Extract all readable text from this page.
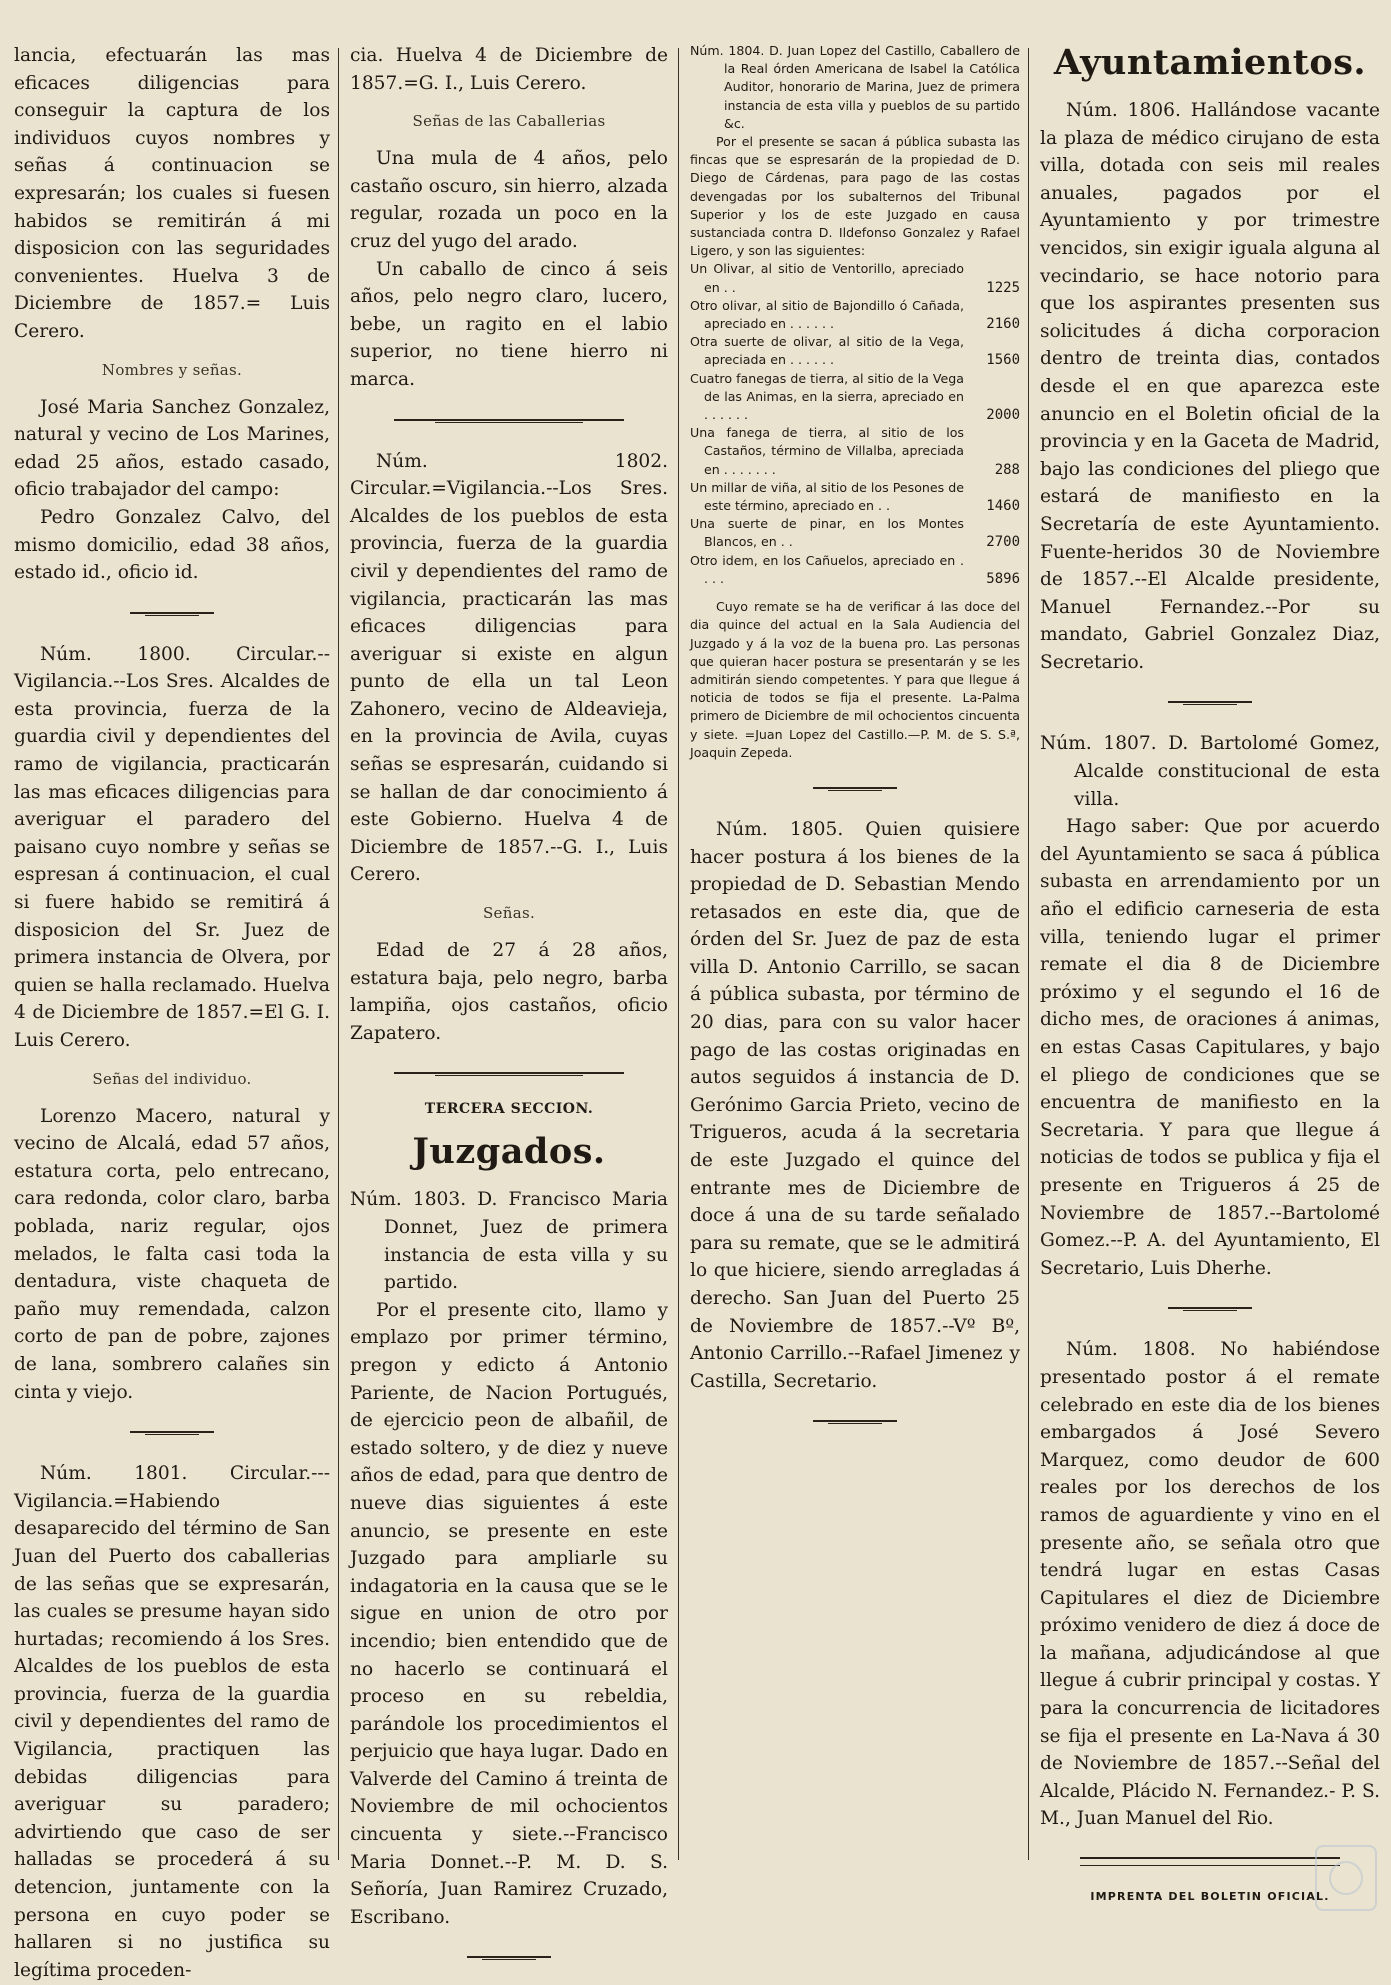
lancia, efectuarán las mas eficaces diligencias para conseguir la captura de los individuos cuyos nombres y señas á continuacion se expresarán; los cuales si fuesen habidos se remitirán á mi disposicion con las seguridades convenientes. Huelva 3 de Diciembre de 1857.= Luis Cerero.

Nombres y señas.

José Maria Sanchez Gonzalez, natural y vecino de Los Marines, edad 25 años, estado casado, oficio trabajador del campo:

Pedro Gonzalez Calvo, del mismo domicilio, edad 38 años, estado id., oficio id.

Núm. 1800. Circular.--Vigilancia.--Los Sres. Alcaldes de esta provincia, fuerza de la guardia civil y dependientes del ramo de vigilancia, practicarán las mas eficaces diligencias para averiguar el paradero del paisano cuyo nombre y señas se espresan á continuacion, el cual si fuere habido se remitirá á disposicion del Sr. Juez de primera instancia de Olvera, por quien se halla reclamado. Huelva 4 de Diciembre de 1857.=El G. I. Luis Cerero.

Señas del individuo.

Lorenzo Macero, natural y vecino de Alcalá, edad 57 años, estatura corta, pelo entrecano, cara redonda, color claro, barba poblada, nariz regular, ojos melados, le falta casi toda la dentadura, viste chaqueta de paño muy remendada, calzon corto de pan de pobre, zajones de lana, sombrero calañes sin cinta y viejo.

Núm. 1801. Circular.---Vigilancia.=Habiendo desaparecido del término de San Juan del Puerto dos caballerias de las señas que se expresarán, las cuales se presume hayan sido hurtadas; recomiendo á los Sres. Alcaldes de los pueblos de esta provincia, fuerza de la guardia civil y dependientes del ramo de Vigilancia, practiquen las debidas diligencias para averiguar su paradero; advirtiendo que caso de ser halladas se procederá á su detencion, juntamente con la persona en cuyo poder se hallaren si no justifica su legítima proceden-

cia. Huelva 4 de Diciembre de 1857.=G. I., Luis Cerero.

Señas de las Caballerias

Una mula de 4 años, pelo castaño oscuro, sin hierro, alzada regular, rozada un poco en la cruz del yugo del arado.

Un caballo de cinco á seis años, pelo negro claro, lucero, bebe, un ragito en el labio superior, no tiene hierro ni marca.

Núm. 1802. Circular.=Vigilancia.--Los Sres. Alcaldes de los pueblos de esta provincia, fuerza de la guardia civil y dependientes del ramo de vigilancia, practicarán las mas eficaces diligencias para averiguar si existe en algun punto de ella un tal Leon Zahonero, vecino de Aldeavieja, en la provincia de Avila, cuyas señas se espresarán, cuidando si se hallan de dar conocimiento á este Gobierno. Huelva 4 de Diciembre de 1857.--G. I., Luis Cerero.

Señas.

Edad de 27 á 28 años, estatura baja, pelo negro, barba lampiña, ojos castaños, oficio Zapatero.

TERCERA SECCION.

Juzgados.

Núm. 1803. D. Francisco Maria Donnet, Juez de primera instancia de esta villa y su partido.

Por el presente cito, llamo y emplazo por primer término, pregon y edicto á Antonio Pariente, de Nacion Portugués, de ejercicio peon de albañil, de estado soltero, y de diez y nueve años de edad, para que dentro de nueve dias siguientes á este anuncio, se presente en este Juzgado para ampliarle su indagatoria en la causa que se le sigue en union de otro por incendio; bien entendido que de no hacerlo se continuará el proceso en su rebeldia, parándole los procedimientos el perjuicio que haya lugar. Dado en Valverde del Camino á treinta de Noviembre de mil ochocientos cincuenta y siete.--Francisco Maria Donnet.--P. M. D. S. Señoría, Juan Ramirez Cruzado, Escribano.

Núm. 1804. D. Juan Lopez del Castillo, Caballero de la Real órden Americana de Isabel la Católica Auditor, honorario de Marina, Juez de primera instancia de esta villa y pueblos de su partido &c.

Por el presente se sacan á pública subasta las fincas que se espresarán de la propiedad de D. Diego de Cárdenas, para pago de las costas devengadas por los subalternos del Tribunal Superior y los de este Juzgado en causa sustanciada contra D. Ildefonso Gonzalez y Rafael Ligero, y son las siguientes:

Un Olivar, al sitio de Ventorillo, apreciado en . .	1225
Otro olivar, al sitio de Bajondillo ó Cañada, apreciado en . . . . . .	2160
Otra suerte de olivar, al sitio de la Vega, apreciada en . . . . . .	1560
Cuatro fanegas de tierra, al sitio de la Vega de las Animas, en la sierra, apreciado en . . . . . .	2000
Una fanega de tierra, al sitio de los Castaños, término de Villalba, apreciada en . . . . . . .	288
Un millar de viña, al sitio de los Pesones de este término, apreciado en . .	1460
Una suerte de pinar, en los Montes Blancos, en . .	2700
Otro idem, en los Cañuelos, apreciado en . . . .	5896

Cuyo remate se ha de verificar á las doce del dia quince del actual en la Sala Audiencia del Juzgado y á la voz de la buena pro. Las personas que quieran hacer postura se presentarán y se les admitirán siendo competentes. Y para que llegue á noticia de todos se fija el presente. La-Palma primero de Diciembre de mil ochocientos cincuenta y siete. =Juan Lopez del Castillo.—P. M. de S. S.ª, Joaquin Zepeda.

Núm. 1805. Quien quisiere hacer postura á los bienes de la propiedad de D. Sebastian Mendo retasados en este dia, que de órden del Sr. Juez de paz de esta villa D. Antonio Carrillo, se sacan á pública subasta, por término de 20 dias, para con su valor hacer pago de las costas originadas en autos seguidos á instancia de D. Gerónimo Garcia Prieto, vecino de Trigueros, acuda á la secretaria de este Juzgado el quince del entrante mes de Diciembre de doce á una de su tarde señalado para su remate, que se le admitirá lo que hiciere, siendo arregladas á derecho. San Juan del Puerto 25 de Noviembre de 1857.--Vº Bº, Antonio Carrillo.--Rafael Jimenez y Castilla, Secretario.

Ayuntamientos.

Núm. 1806. Hallándose vacante la plaza de médico cirujano de esta villa, dotada con seis mil reales anuales, pagados por el Ayuntamiento y por trimestre vencidos, sin exigir iguala alguna al vecindario, se hace notorio para que los aspirantes presenten sus solicitudes á dicha corporacion dentro de treinta dias, contados desde el en que aparezca este anuncio en el Boletin oficial de la provincia y en la Gaceta de Madrid, bajo las condiciones del pliego que estará de manifiesto en la Secretaría de este Ayuntamiento. Fuente-heridos 30 de Noviembre de 1857.--El Alcalde presidente, Manuel Fernandez.--Por su mandato, Gabriel Gonzalez Diaz, Secretario.

Núm. 1807. D. Bartolomé Gomez, Alcalde constitucional de esta villa.

Hago saber: Que por acuerdo del Ayuntamiento se saca á pública subasta en arrendamiento por un año el edificio carneseria de esta villa, teniendo lugar el primer remate el dia 8 de Diciembre próximo y el segundo el 16 de dicho mes, de oraciones á animas, en estas Casas Capitulares, y bajo el pliego de condiciones que se encuentra de manifiesto en la Secretaria. Y para que llegue á noticias de todos se publica y fija el presente en Trigueros á 25 de Noviembre de 1857.--Bartolomé Gomez.--P. A. del Ayuntamiento, El Secretario, Luis Dherhe.

Núm. 1808. No habiéndose presentado postor á el remate celebrado en este dia de los bienes embargados á José Severo Marquez, como deudor de 600 reales por los derechos de los ramos de aguardiente y vino en el presente año, se señala otro que tendrá lugar en estas Casas Capitulares el diez de Diciembre próximo venidero de diez á doce de la mañana, adjudicándose al que llegue á cubrir principal y costas. Y para la concurrencia de licitadores se fija el presente en La-Nava á 30 de Noviembre de 1857.--Señal del Alcalde, Plácido N. Fernandez.- P. S. M., Juan Manuel del Rio.

IMPRENTA DEL BOLETIN OFICIAL.
